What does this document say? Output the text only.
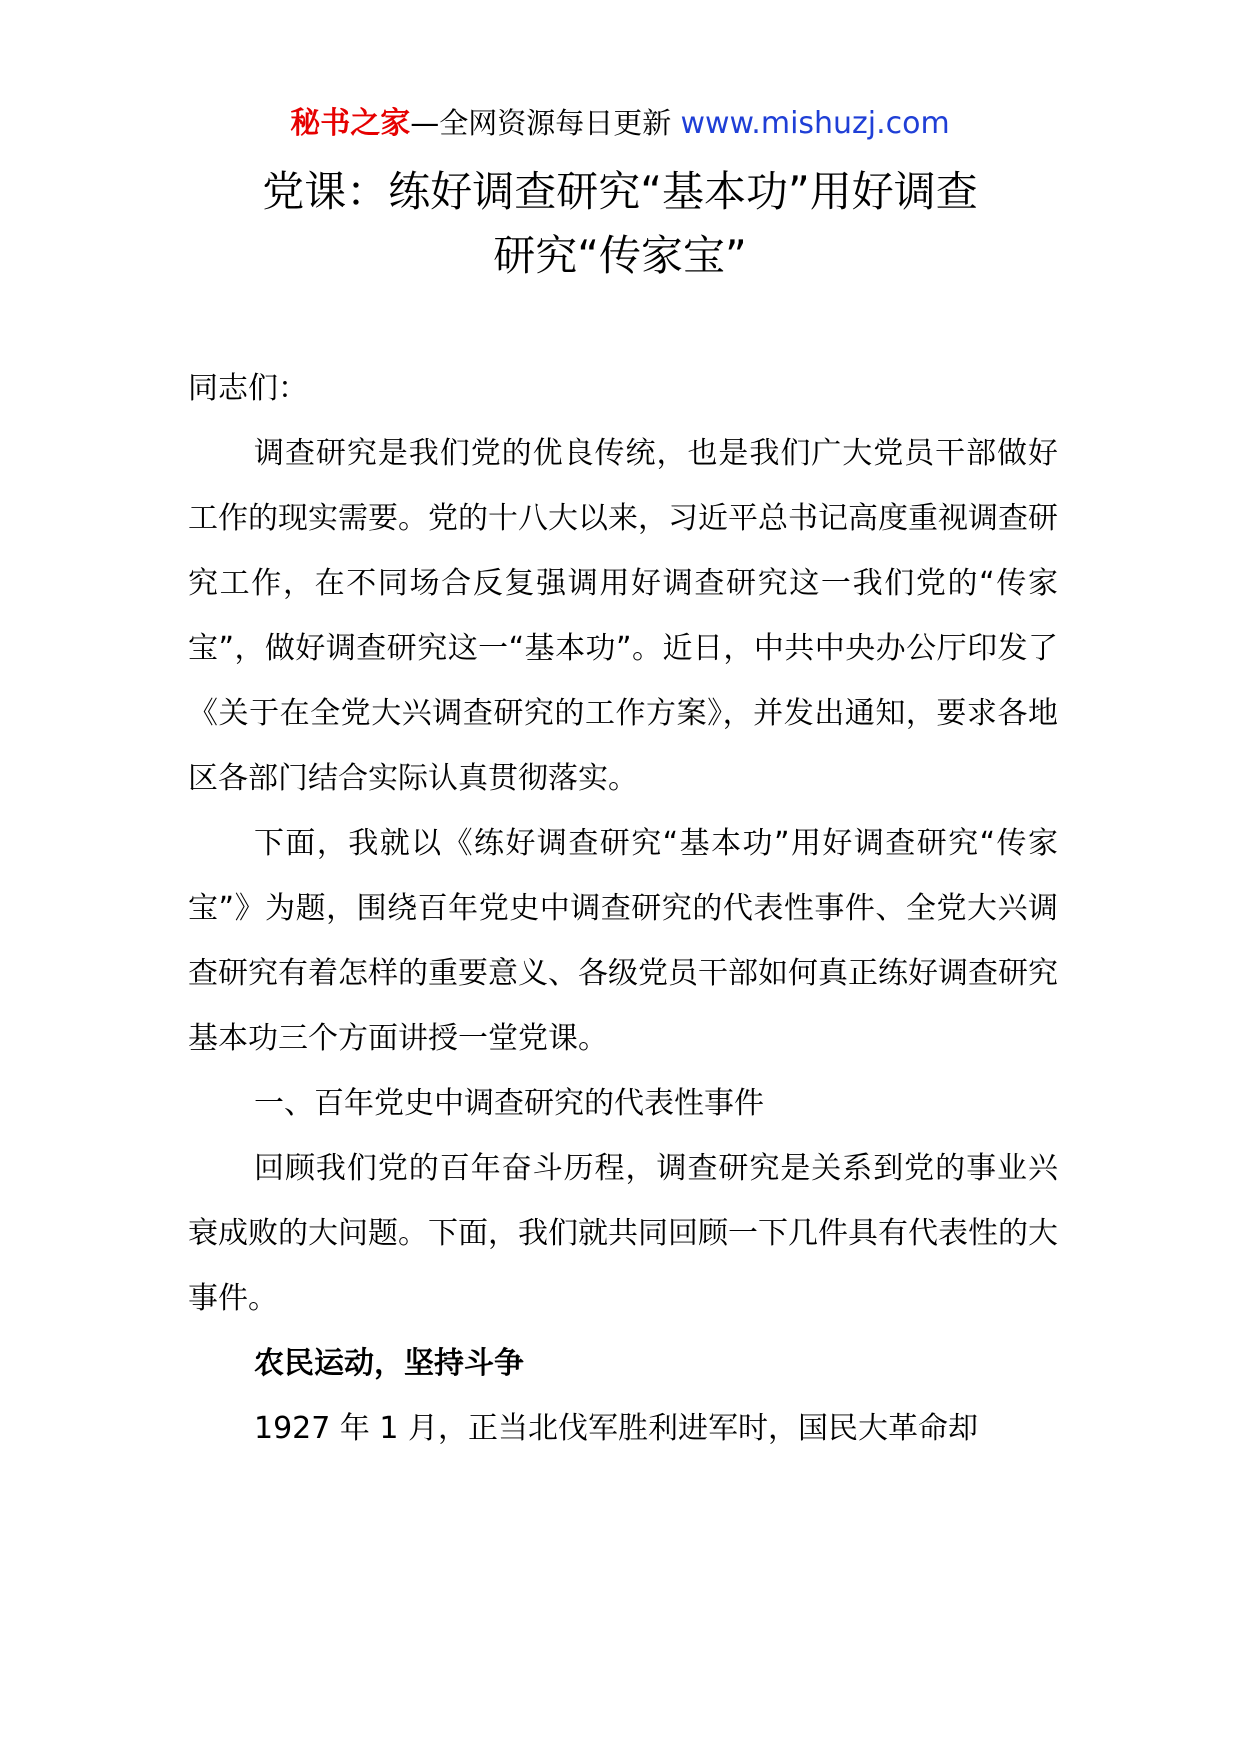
秘书之家—全网资源每日更新 www.mishuzj.com
党课：练好调查研究“基本功”用好调查
研究“传家宝”

同志们：

调查研究是我们党的优良传统，也是我们广大党员干部做好工作的现实需要。党的十八大以来，习近平总书记高度重视调查研究工作，在不同场合反复强调用好调查研究这一我们党的“传家宝”，做好调查研究这一“基本功”。近日，中共中央办公厅印发了《关于在全党大兴调查研究的工作方案》，并发出通知，要求各地区各部门结合实际认真贯彻落实。

下面，我就以《练好调查研究“基本功”用好调查研究“传家宝”》为题，围绕百年党史中调查研究的代表性事件、全党大兴调查研究有着怎样的重要意义、各级党员干部如何真正练好调查研究基本功三个方面讲授一堂党课。

一、百年党史中调查研究的代表性事件

回顾我们党的百年奋斗历程，调查研究是关系到党的事业兴衰成败的大问题。下面，我们就共同回顾一下几件具有代表性的大事件。

农民运动，坚持斗争

1927 年 1 月，正当北伐军胜利进军时，国民大革命却
